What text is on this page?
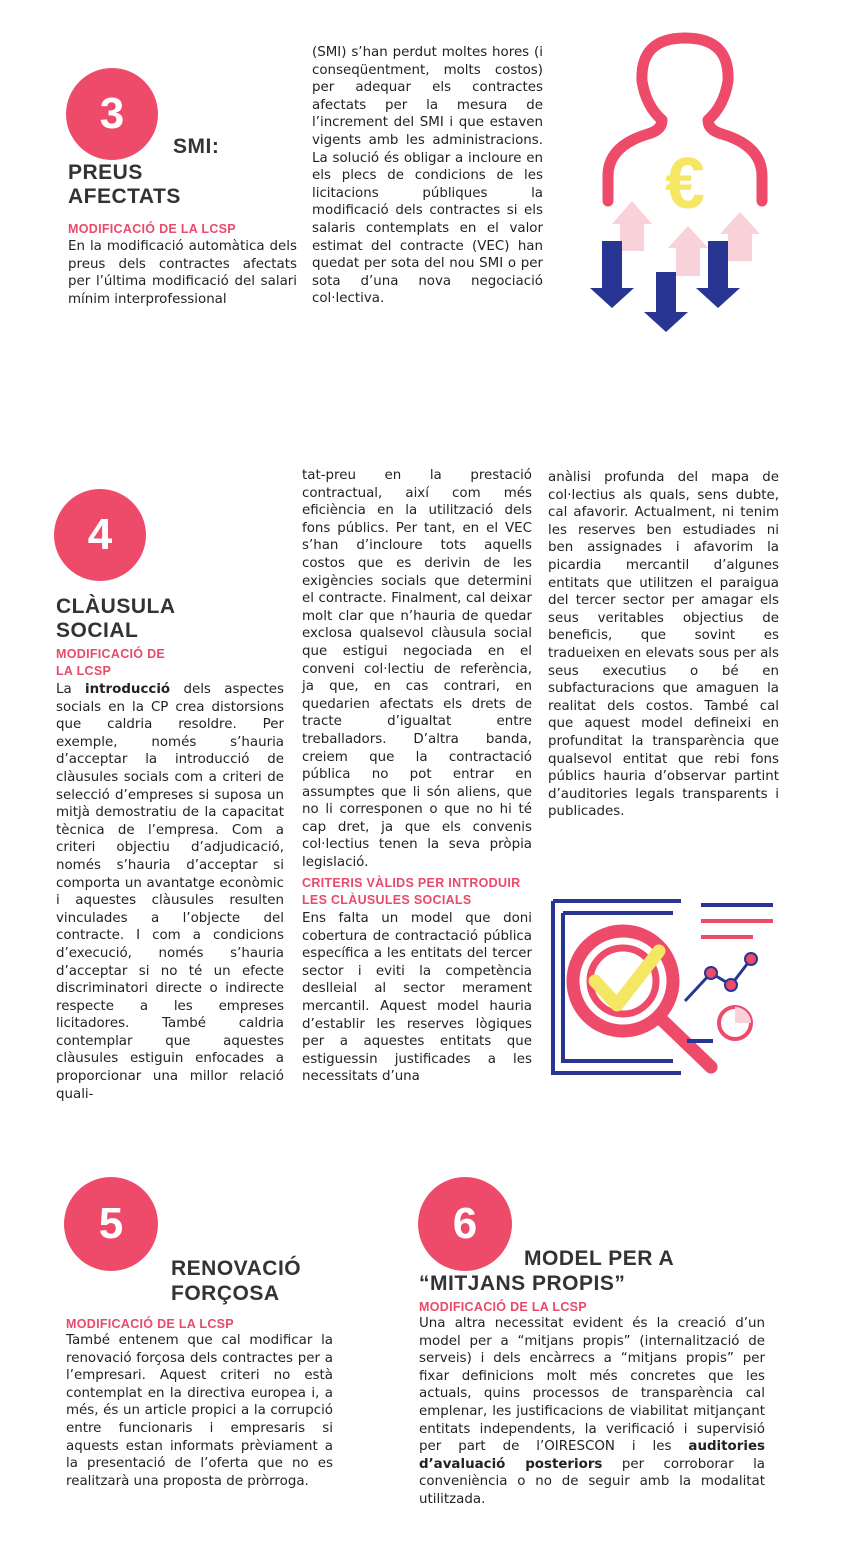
3
SMI:
PREUS
AFECTATS
MODIFICACIÓ DE LA LCSP

En la modificació automàtica dels preus dels contractes afectats per l’última modificació del salari mínim interprofessional

(SMI) s’han perdut moltes hores (i conseqüentment, molts costos) per adequar els contractes afectats per la mesura de l’increment del SMI i que estaven vigents amb les administracions. La solució és obligar a incloure en els plecs de condicions de les licitacions públiques la modificació dels contractes si els salaris contemplats en el valor estimat del contracte (VEC) han quedat per sota del nou SMI o per sota d’una nova negociació col·lectiva.

€
4
CLÀUSULA
SOCIAL
MODIFICACIÓ DE
LA LCSP

La introducció dels aspectes socials en la CP crea distorsions que caldria resoldre. Per exemple, només s’hauria d’acceptar la introducció de clàusules socials com a criteri de selecció d’empreses si suposa un mitjà demostratiu de la capacitat tècnica de l’empresa. Com a criteri objectiu d’adjudicació, només s’hauria d’acceptar si comporta un avantatge econòmic i aquestes clàusules resulten vinculades a l’objecte del contracte. I com a condicions d’execució, només s’hauria d’acceptar si no té un efecte discriminatori directe o indirecte respecte a les empreses licitadores. També caldria contemplar que aquestes clàusules estiguin enfocades a proporcionar una millor relació quali-

tat-preu en la prestació contractual, així com més eficiència en la utilització dels fons públics. Per tant, en el VEC s’han d’incloure tots aquells costos que es derivin de les exigències socials que determini el contracte. Finalment, cal deixar molt clar que n’hauria de quedar exclosa qualsevol clàusula social que estigui negociada en el conveni col·lectiu de referència, ja que, en cas contrari, en quedarien afectats els drets de tracte d’igualtat entre treballadors. D’altra banda, creiem que la contractació pública no pot entrar en assumptes que li són aliens, que no li corresponen o que no hi té cap dret, ja que els convenis col·lectius tenen la seva pròpia legislació.

CRITERIS VÀLIDS PER INTRODUIR
LES CLÀUSULES SOCIALS

Ens falta un model que doni cobertura de contractació pública específica a les entitats del tercer sector i eviti la competència deslleial al sector merament mercantil. Aquest model hauria d’establir les reserves lògiques per a aquestes entitats que estiguessin justificades a les necessitats d’una

anàlisi profunda del mapa de col·lectius als quals, sens dubte, cal afavorir. Actualment, ni tenim les reserves ben estudiades ni ben assignades i afavorim la picardia mercantil d’algunes entitats que utilitzen el paraigua del tercer sector per amagar els seus veritables objectius de beneficis, que sovint es tradueixen en elevats sous per als seus executius o bé en subfacturacions que amaguen la realitat dels costos. També cal que aquest model defineixi en profunditat la transparència que qualsevol entitat que rebi fons públics hauria d’observar partint d’auditories legals transparents i publicades.

5
RENOVACIÓ
FORÇOSA
MODIFICACIÓ DE LA LCSP

També entenem que cal modificar la renovació forçosa dels contractes per a l’empresari. Aquest criteri no està contemplat en la directiva europea i, a més, és un article propici a la corrupció entre funcionaris i empresaris si aquests estan informats prèviament a la presentació de l’oferta que no es realitzarà una proposta de pròrroga.

6
MODEL PER A
“MITJANS PROPIS”
MODIFICACIÓ DE LA LCSP

Una altra necessitat evident és la creació d’un model per a “mitjans propis” (internalització de serveis) i dels encàrrecs a “mitjans propis” per fixar definicions molt més concretes que les actuals, quins processos de transparència cal emplenar, les justificacions de viabilitat mitjançant entitats independents, la verificació i supervisió per part de l’OIRESCON i les auditories d’avaluació posteriors per corroborar la conveniència o no de seguir amb la modalitat utilitzada.
